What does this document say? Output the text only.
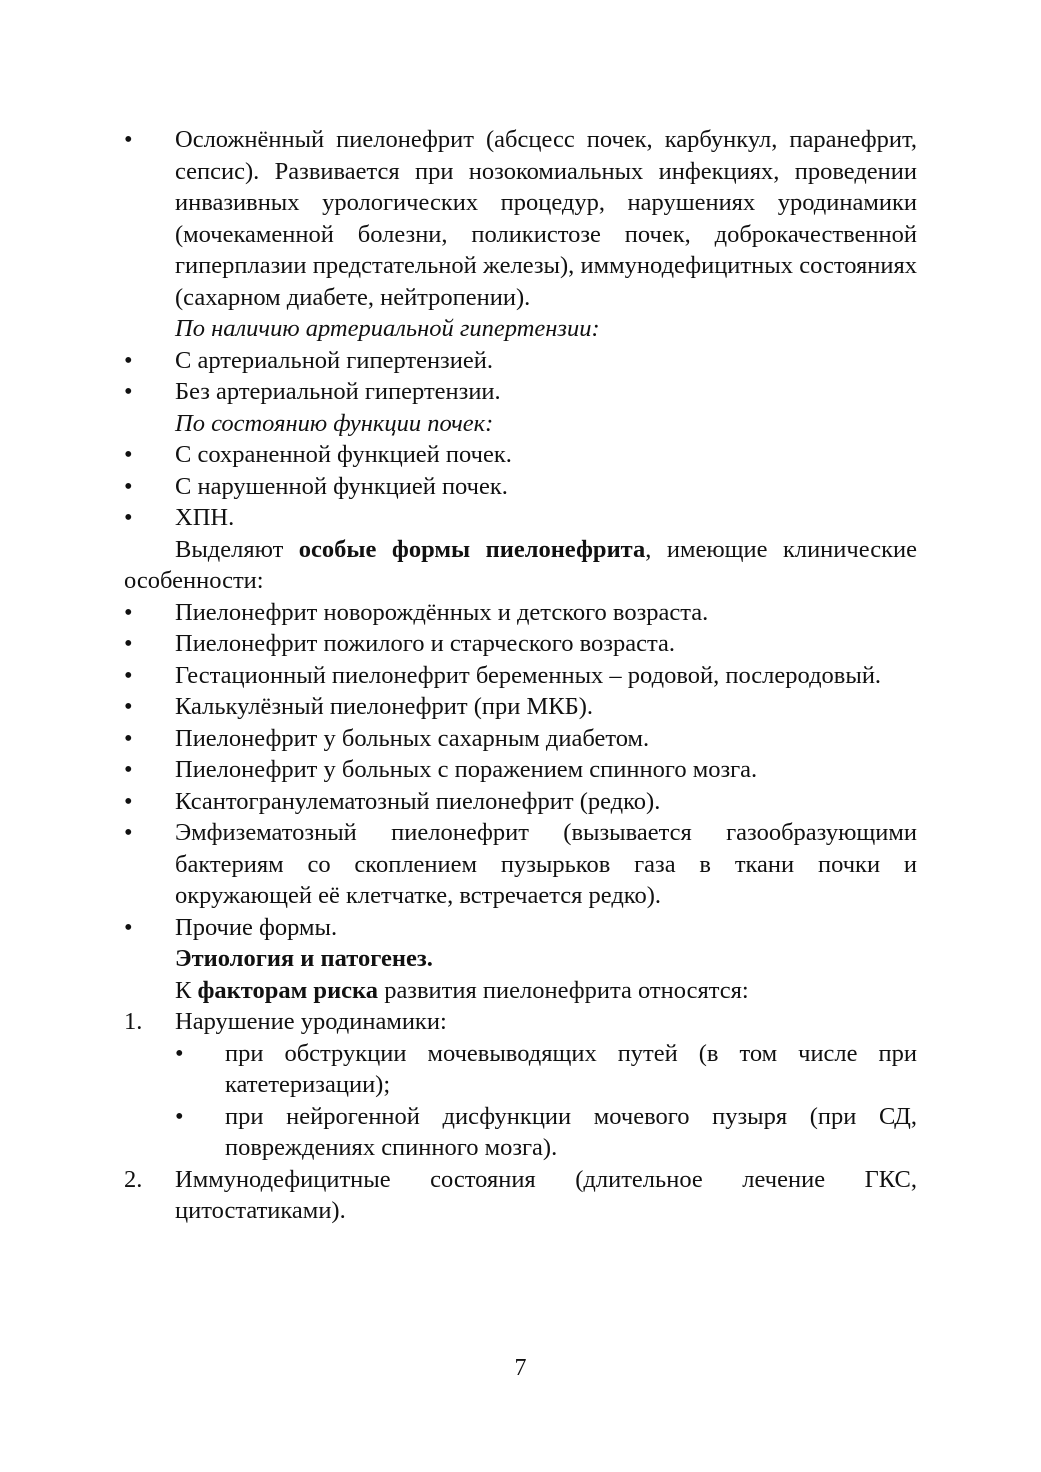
•	Осложнённый пиелонефрит (абсцесс почек, карбункул, паранефрит, сепсис). Развивается при нозокомиальных инфекциях, проведении инвазивных урологических процедур, нарушениях уродинамики (мочекаменной болезни, поликистозе почек, доброкачественной гиперплазии предстательной железы), иммунодефицитных состояниях (сахарном диабете, нейтропении).
По наличию артериальной гипертензии:
•	С артериальной гипертензией.
•	Без артериальной гипертензии.
По состоянию функции почек:
•	С сохраненной функцией почек.
•	С нарушенной функцией почек.
•	ХПН.

Выделяют особые формы пиелонефрита, имеющие клинические особенности:

•	Пиелонефрит новорождённых и детского возраста.
•	Пиелонефрит пожилого и старческого возраста.
•	Гестационный пиелонефрит беременных – родовой, послеродовый.
•	Калькулёзный пиелонефрит (при МКБ).
•	Пиелонефрит у больных сахарным диабетом.
•	Пиелонефрит у больных с поражением спинного мозга.
•	Ксантогранулематозный пиелонефрит (редко).
•	Эмфизематозный пиелонефрит (вызывается газообразующими бактериям со скоплением пузырьков газа в ткани почки и окружающей её клетчатке, встречается редко).
•	Прочие формы.
Этиология и патогенез.
К факторам риска развития пиелонефрита относятся:
1. Нарушение уродинамики:
•	при обструкции мочевыводящих путей (в том числе при катетеризации);
•	при нейрогенной дисфункции мочевого пузыря (при СД, повреждениях спинного мозга).
2. Иммунодефицитные состояния (длительное лечение ГКС, цитостатиками).
7
